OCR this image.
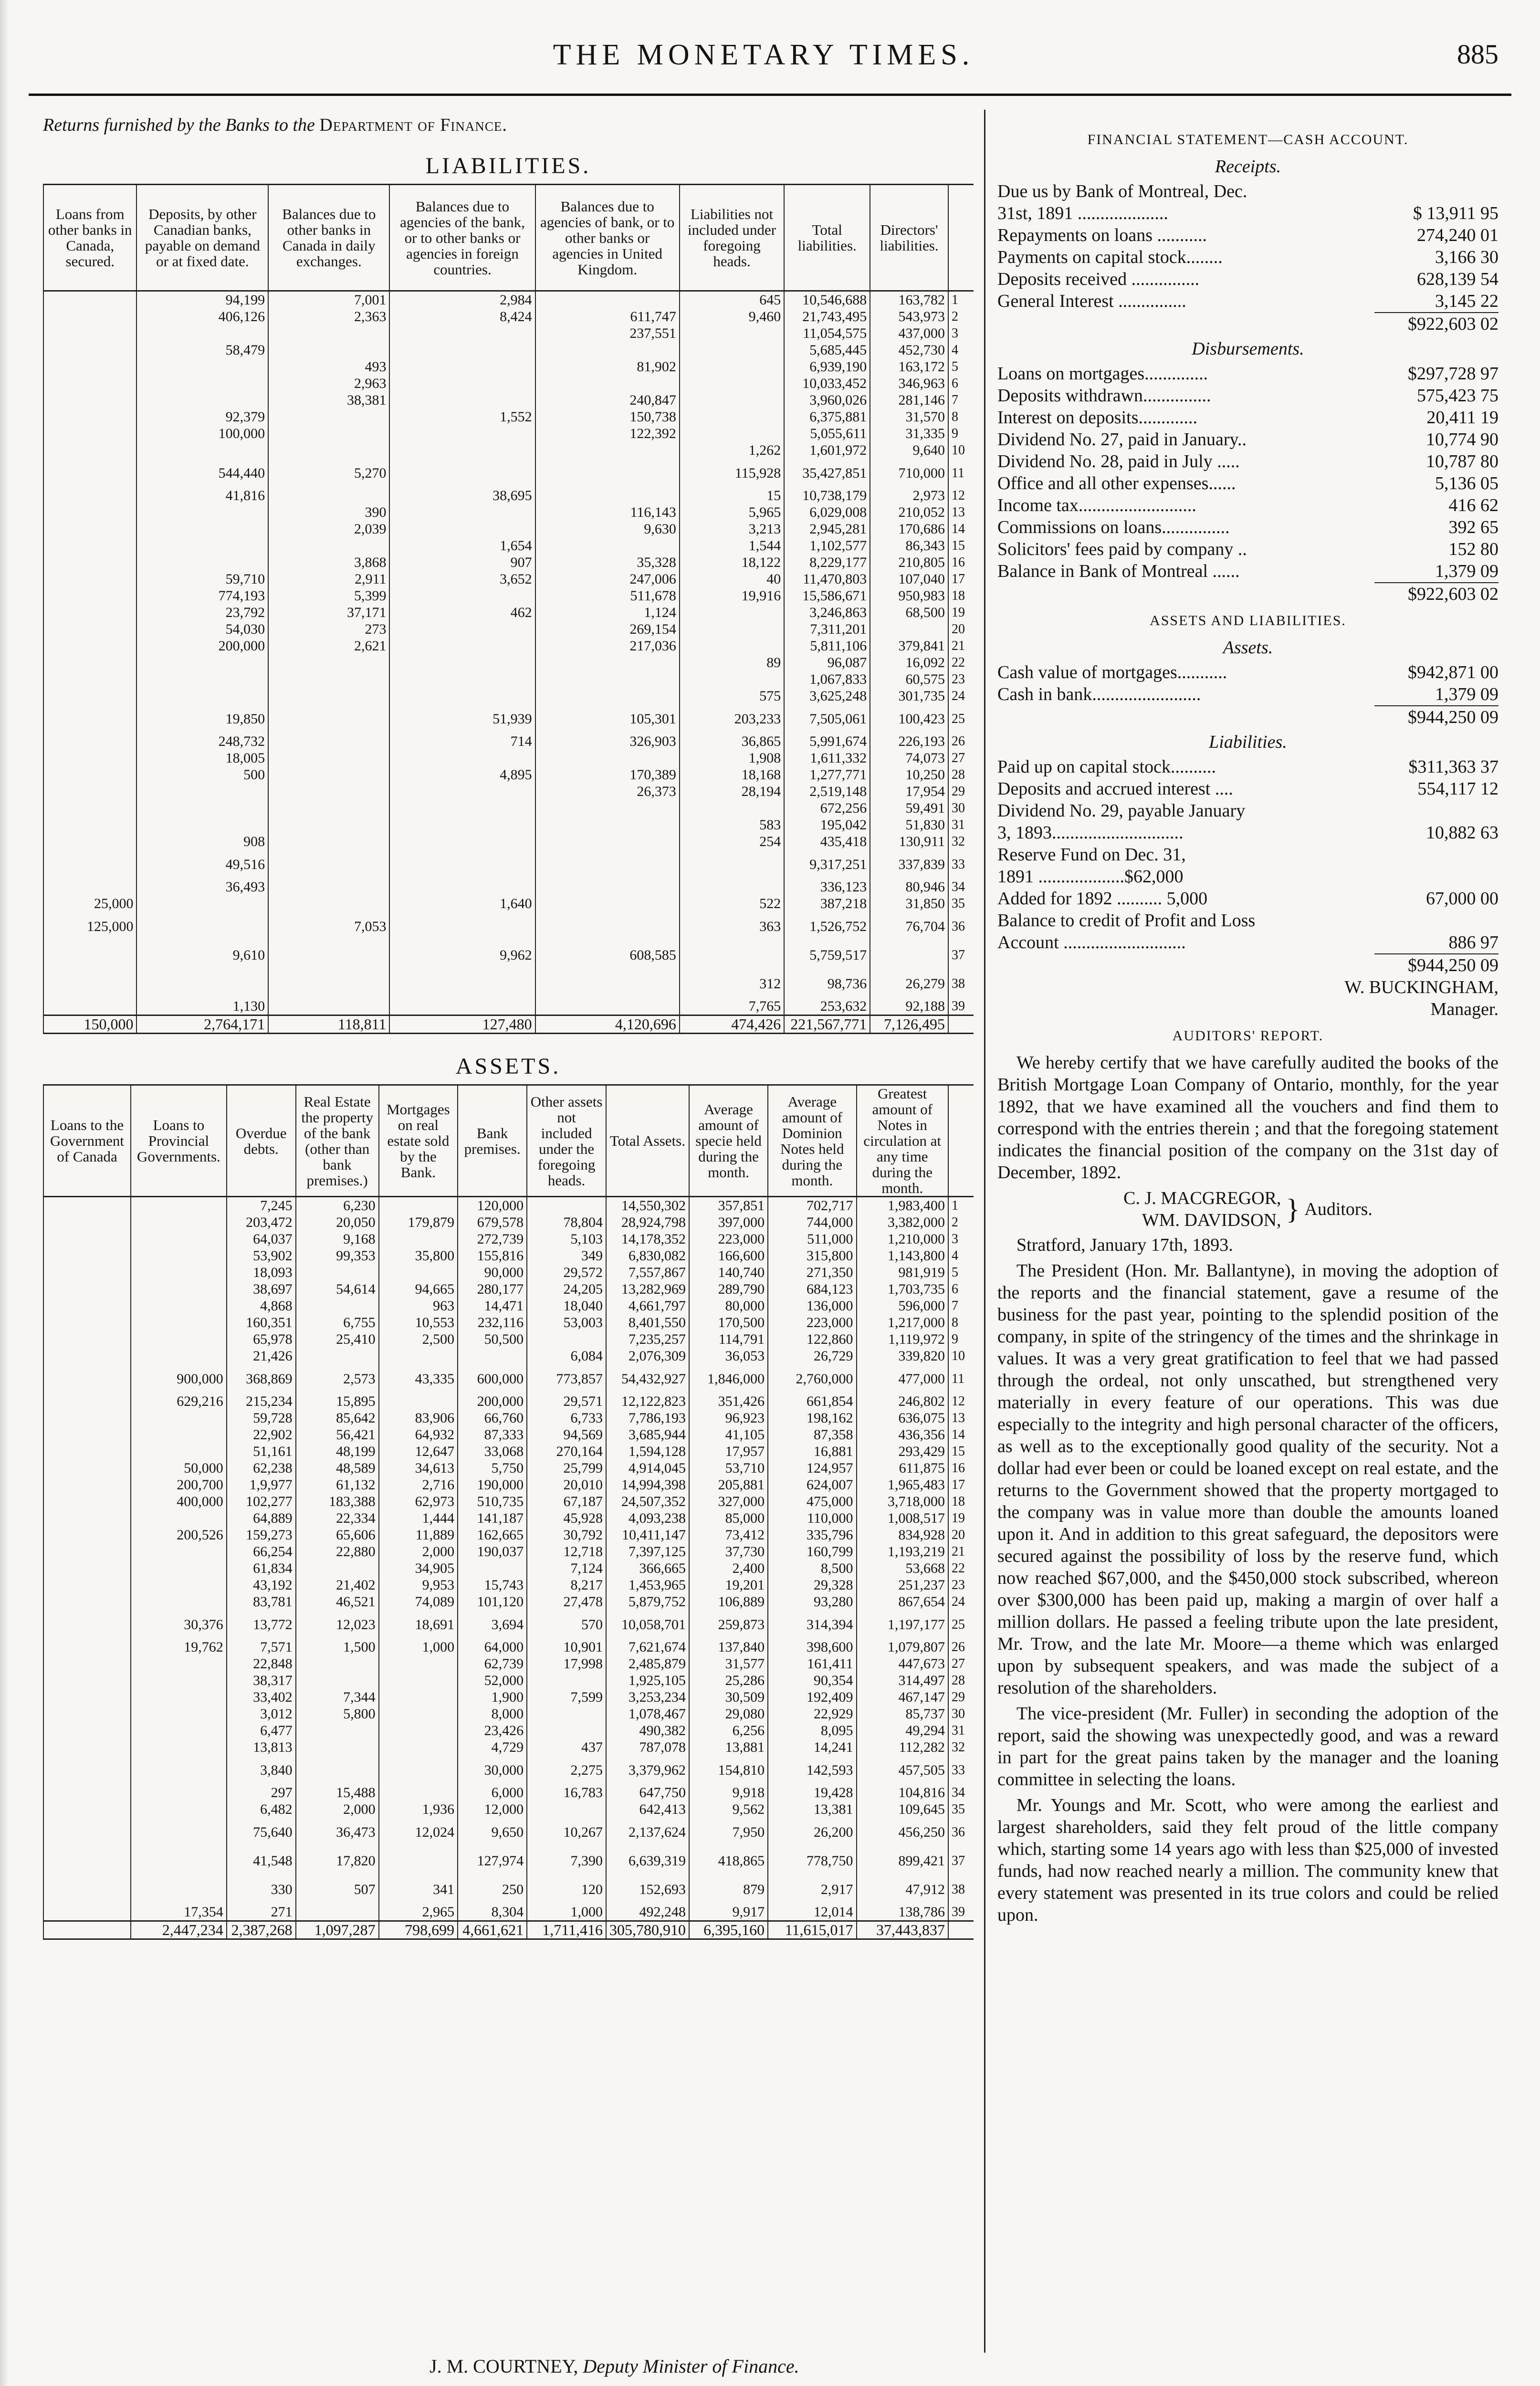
THE MONETARY TIMES.	885
Returns furnished by the Banks to the Department of Finance.
LIABILITIES.
Loans from other banks in Canada, secured.	Deposits, by other Canadian banks, payable on demand or at fixed date.	Balances due to other banks in Canada in daily exchanges.	Balances due to agencies of the bank, or to other banks or agencies in foreign countries.	Balances due to agencies of bank, or to other banks or agencies in United Kingdom.	Liabilities not included under foregoing heads.	Total liabilities.	Directors' liabilities.	
	94,199	7,001	2,984		645	10,546,688	163,782	1
	406,126	2,363	8,424	611,747	9,460	21,743,495	543,973	2
				237,551		11,054,575	437,000	3
	58,479					5,685,445	452,730	4
		493		81,902		6,939,190	163,172	5
		2,963				10,033,452	346,963	6
		38,381		240,847		3,960,026	281,146	7
	92,379		1,552	150,738		6,375,881	31,570	8
	100,000			122,392		5,055,611	31,335	9
					1,262	1,601,972	9,640	10
	544,440	5,270			115,928	35,427,851	710,000	11
	41,816		38,695		15	10,738,179	2,973	12
		390		116,143	5,965	6,029,008	210,052	13
		2,039		9,630	3,213	2,945,281	170,686	14
			1,654		1,544	1,102,577	86,343	15
		3,868	907	35,328	18,122	8,229,177	210,805	16
	59,710	2,911	3,652	247,006	40	11,470,803	107,040	17
	774,193	5,399		511,678	19,916	15,586,671	950,983	18
	23,792	37,171	462	1,124		3,246,863	68,500	19
	54,030	273		269,154		7,311,201		20
	200,000	2,621		217,036		5,811,106	379,841	21
					89	96,087	16,092	22
						1,067,833	60,575	23
					575	3,625,248	301,735	24
	19,850		51,939	105,301	203,233	7,505,061	100,423	25
	248,732		714	326,903	36,865	5,991,674	226,193	26
	18,005				1,908	1,611,332	74,073	27
	500		4,895	170,389	18,168	1,277,771	10,250	28
				26,373	28,194	2,519,148	17,954	29
						672,256	59,491	30
					583	195,042	51,830	31
	908				254	435,418	130,911	32
	49,516					9,317,251	337,839	33
	36,493					336,123	80,946	34
25,000			1,640		522	387,218	31,850	35
125,000		7,053			363	1,526,752	76,704	36
	9,610		9,962	608,585		5,759,517		37
					312	98,736	26,279	38
	1,130				7,765	253,632	92,188	39
150,000	2,764,171	118,811	127,480	4,120,696	474,426	221,567,771	7,126,495	
ASSETS.
Loans to the Government of Canada	Loans to Provincial Governments.	Overdue debts.	Real Estate the property of the bank (other than bank premises.)	Mortgages on real estate sold by the Bank.	Bank premises.	Other assets not included under the foregoing heads.	Total Assets.	Average amount of specie held during the month.	Average amount of Dominion Notes held during the month.	Greatest amount of Notes in circulation at any time during the month.	
		7,245	6,230		120,000		14,550,302	357,851	702,717	1,983,400	1
		203,472	20,050	179,879	679,578	78,804	28,924,798	397,000	744,000	3,382,000	2
		64,037	9,168		272,739	5,103	14,178,352	223,000	511,000	1,210,000	3
		53,902	99,353	35,800	155,816	349	6,830,082	166,600	315,800	1,143,800	4
		18,093			90,000	29,572	7,557,867	140,740	271,350	981,919	5
		38,697	54,614	94,665	280,177	24,205	13,282,969	289,790	684,123	1,703,735	6
		4,868		963	14,471	18,040	4,661,797	80,000	136,000	596,000	7
		160,351	6,755	10,553	232,116	53,003	8,401,550	170,500	223,000	1,217,000	8
		65,978	25,410	2,500	50,500		7,235,257	114,791	122,860	1,119,972	9
		21,426				6,084	2,076,309	36,053	26,729	339,820	10
	900,000	368,869	2,573	43,335	600,000	773,857	54,432,927	1,846,000	2,760,000	477,000	11
	629,216	215,234	15,895		200,000	29,571	12,122,823	351,426	661,854	246,802	12
		59,728	85,642	83,906	66,760	6,733	7,786,193	96,923	198,162	636,075	13
		22,902	56,421	64,932	87,333	94,569	3,685,944	41,105	87,358	436,356	14
		51,161	48,199	12,647	33,068	270,164	1,594,128	17,957	16,881	293,429	15
	50,000	62,238	48,589	34,613	5,750	25,799	4,914,045	53,710	124,957	611,875	16
	200,700	1,9,977	61,132	2,716	190,000	20,010	14,994,398	205,881	624,007	1,965,483	17
	400,000	102,277	183,388	62,973	510,735	67,187	24,507,352	327,000	475,000	3,718,000	18
		64,889	22,334	1,444	141,187	45,928	4,093,238	85,000	110,000	1,008,517	19
	200,526	159,273	65,606	11,889	162,665	30,792	10,411,147	73,412	335,796	834,928	20
		66,254	22,880	2,000	190,037	12,718	7,397,125	37,730	160,799	1,193,219	21
		61,834		34,905		7,124	366,665	2,400	8,500	53,668	22
		43,192	21,402	9,953	15,743	8,217	1,453,965	19,201	29,328	251,237	23
		83,781	46,521	74,089	101,120	27,478	5,879,752	106,889	93,280	867,654	24
	30,376	13,772	12,023	18,691	3,694	570	10,058,701	259,873	314,394	1,197,177	25
	19,762	7,571	1,500	1,000	64,000	10,901	7,621,674	137,840	398,600	1,079,807	26
		22,848			62,739	17,998	2,485,879	31,577	161,411	447,673	27
		38,317			52,000		1,925,105	25,286	90,354	314,497	28
		33,402	7,344		1,900	7,599	3,253,234	30,509	192,409	467,147	29
		3,012	5,800		8,000		1,078,467	29,080	22,929	85,737	30
		6,477			23,426		490,382	6,256	8,095	49,294	31
		13,813			4,729	437	787,078	13,881	14,241	112,282	32
		3,840			30,000	2,275	3,379,962	154,810	142,593	457,505	33
		297	15,488		6,000	16,783	647,750	9,918	19,428	104,816	34
		6,482	2,000	1,936	12,000		642,413	9,562	13,381	109,645	35
		75,640	36,473	12,024	9,650	10,267	2,137,624	7,950	26,200	456,250	36
		41,548	17,820		127,974	7,390	6,639,319	418,865	778,750	899,421	37
		330	507	341	250	120	152,693	879	2,917	47,912	38
	17,354	271		2,965	8,304	1,000	492,248	9,917	12,014	138,786	39
	2,447,234	2,387,268	1,097,287	798,699	4,661,621	1,711,416	305,780,910	6,395,160	11,615,017	37,443,837	
J. M. COURTNEY, Deputy Minister of Finance.
FINANCIAL STATEMENT—CASH ACCOUNT.
Receipts.
Due us by Bank of Montreal, Dec.
31st, 1891 ....................	$ 13,911 95
Repayments on loans ...........	274,240 01
Payments on capital stock........	3,166 30
Deposits received ...............	628,139 54
General Interest ...............	3,145 22
$922,603 02
Disbursements.
Loans on mortgages..............	$297,728 97
Deposits withdrawn...............	575,423 75
Interest on deposits.............	20,411 19
Dividend No. 27, paid in January..	10,774 90
Dividend No. 28, paid in July .....	10,787 80
Office and all other expenses......	5,136 05
Income tax..........................	416 62
Commissions on loans...............	392 65
Solicitors' fees paid by company ..	152 80
Balance in Bank of Montreal ......	1,379 09
$922,603 02
ASSETS AND LIABILITIES.
Assets.
Cash value of mortgages...........	$942,871 00
Cash in bank........................	1,379 09
$944,250 09
Liabilities.
Paid up on capital stock..........	$311,363 37
Deposits and accrued interest ....	554,117 12
Dividend No. 29, payable January
3, 1893.............................	10,882 63
Reserve Fund on Dec. 31,
1891 ...................$62,000
Added for 1892 .......... 5,000	67,000 00
Balance to credit of Profit and Loss
Account ...........................	886 97
$944,250 09
W. BUCKINGHAM,
Manager.
AUDITORS' REPORT.
We hereby certify that we have carefully audited the books of the British Mortgage Loan Company of Ontario, monthly, for the year 1892, that we have examined all the vouchers and find them to correspond with the entries therein ; and that the foregoing statement indicates the financial position of the company on the 31st day of December, 1892.
C. J. MACGREGOR,
WM. DAVIDSON, } Auditors.
Stratford, January 17th, 1893.
The President (Hon. Mr. Ballantyne), in moving the adoption of the reports and the financial statement, gave a resume of the business for the past year, pointing to the splendid position of the company, in spite of the stringency of the times and the shrinkage in values. It was a very great gratification to feel that we had passed through the ordeal, not only unscathed, but strengthened very materially in every feature of our operations. This was due especially to the integrity and high personal character of the officers, as well as to the exceptionally good quality of the security. Not a dollar had ever been or could be loaned except on real estate, and the returns to the Government showed that the property mortgaged to the company was in value more than double the amounts loaned upon it. And in addition to this great safeguard, the depositors were secured against the possibility of loss by the reserve fund, which now reached $67,000, and the $450,000 stock subscribed, whereon over $300,000 has been paid up, making a margin of over half a million dollars. He passed a feeling tribute upon the late president, Mr. Trow, and the late Mr. Moore—a theme which was enlarged upon by subsequent speakers, and was made the subject of a resolution of the shareholders.
The vice-president (Mr. Fuller) in seconding the adoption of the report, said the showing was unexpectedly good, and was a reward in part for the great pains taken by the manager and the loaning committee in selecting the loans.
Mr. Youngs and Mr. Scott, who were among the earliest and largest shareholders, said they felt proud of the little company which, starting some 14 years ago with less than $25,000 of invested funds, had now reached nearly a million. The community knew that every statement was presented in its true colors and could be relied upon.
